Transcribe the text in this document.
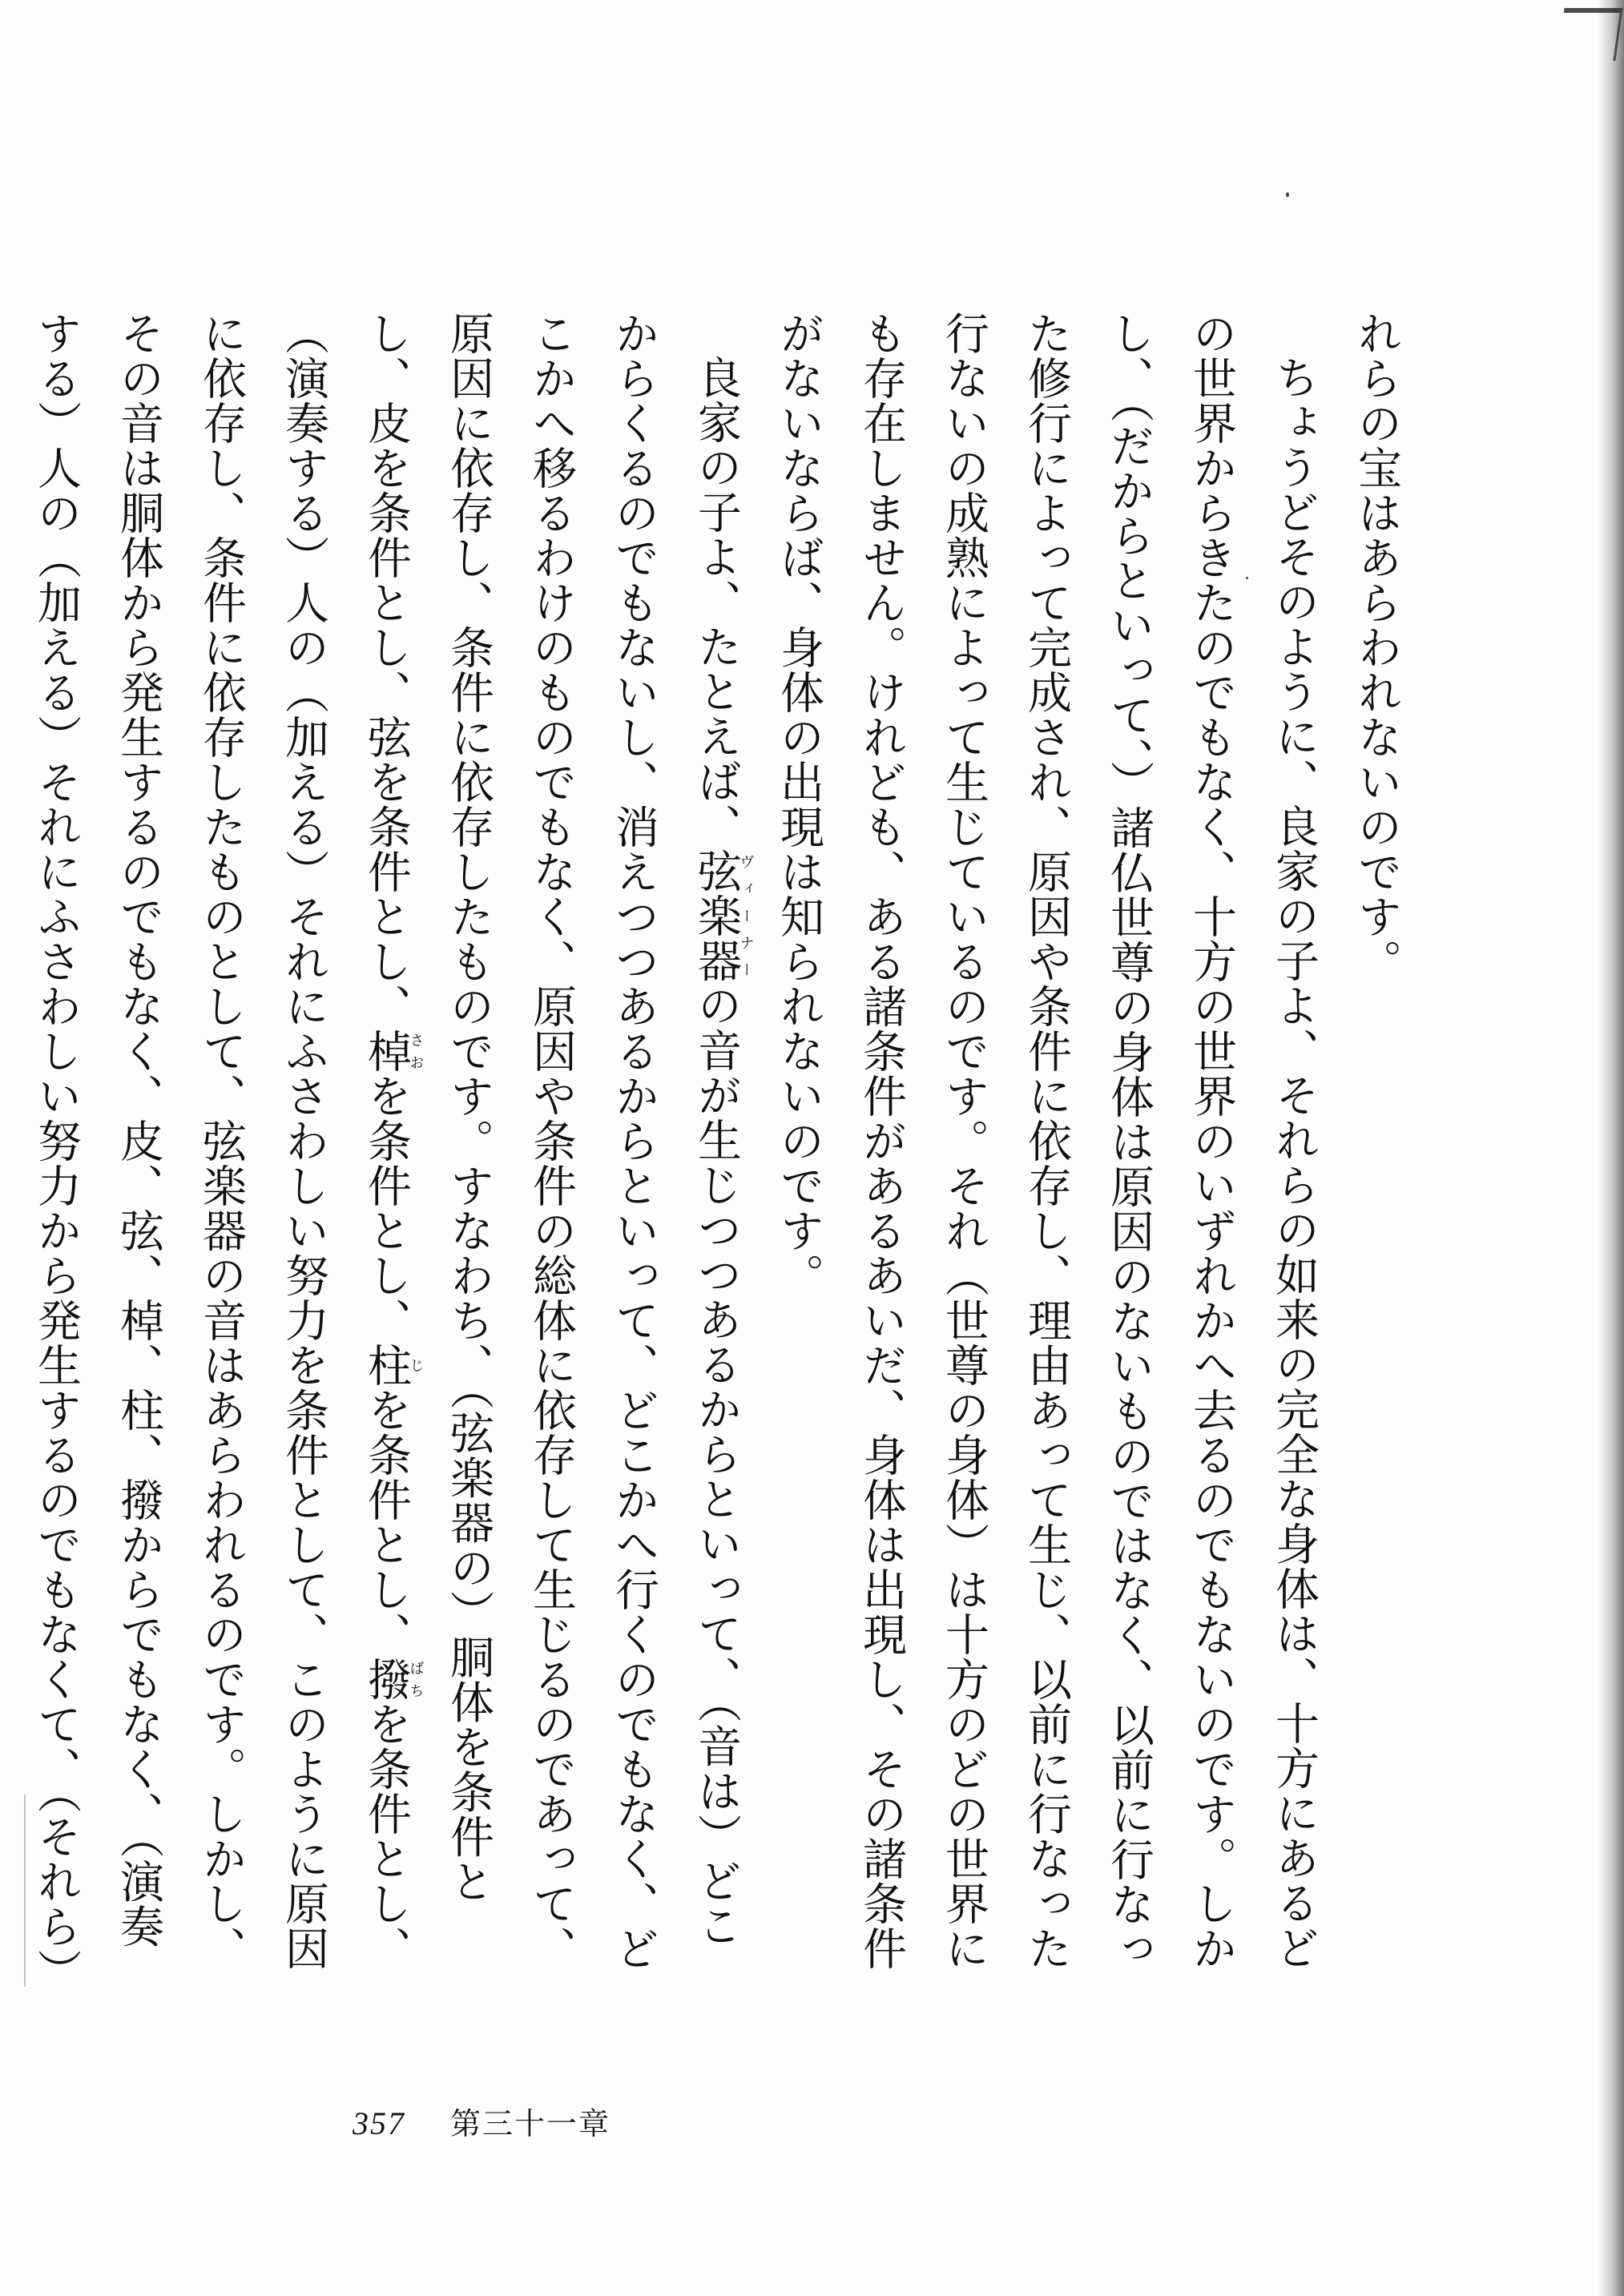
れらの宝はあらわれないのです。

ちょうどそのように、良家の子よ、それらの如来の完全な身体は、十方にあるどの世界からきたのでもなく、十方の世界のいずれかへ去るのでもないのです。しかし、（だからといって、）諸仏世尊の身体は原因のないものではなく、以前に行なった修行によって完成され、原因や条件に依存し、理由あって生じ、以前に行なった行ないの成熟によって生じているのです。それ（世尊の身体）は十方のどの世界にも存在しません。けれども、ある諸条件があるあいだ、身体は出現し、その諸条件がないならば、身体の出現は知られないのです。

良家の子よ、たとえば、弦楽器ヴィーナーの音が生じつつあるからといって、（音は）どこからくるのでもないし、消えつつあるからといって、どこかへ行くのでもなく、どこかへ移るわけのものでもなく、原因や条件の総体に依存して生じるのであって、原因に依存し、条件に依存したものです。すなわち、（弦楽器の）胴体を条件とし、皮を条件とし、弦を条件とし、棹さおを条件とし、柱じを条件とし、撥ばちを条件とし、（演奏する）人の（加える）それにふさわしい努力を条件として、このように原因に依存し、条件に依存したものとして、弦楽器の音はあらわれるのです。しかし、その音は胴体から発生するのでもなく、皮、弦、棹、柱、撥からでもなく、（演奏する）人の（加える）それにふさわしい努力から発生するのでもなくて、（それら）

357 第三十一章
